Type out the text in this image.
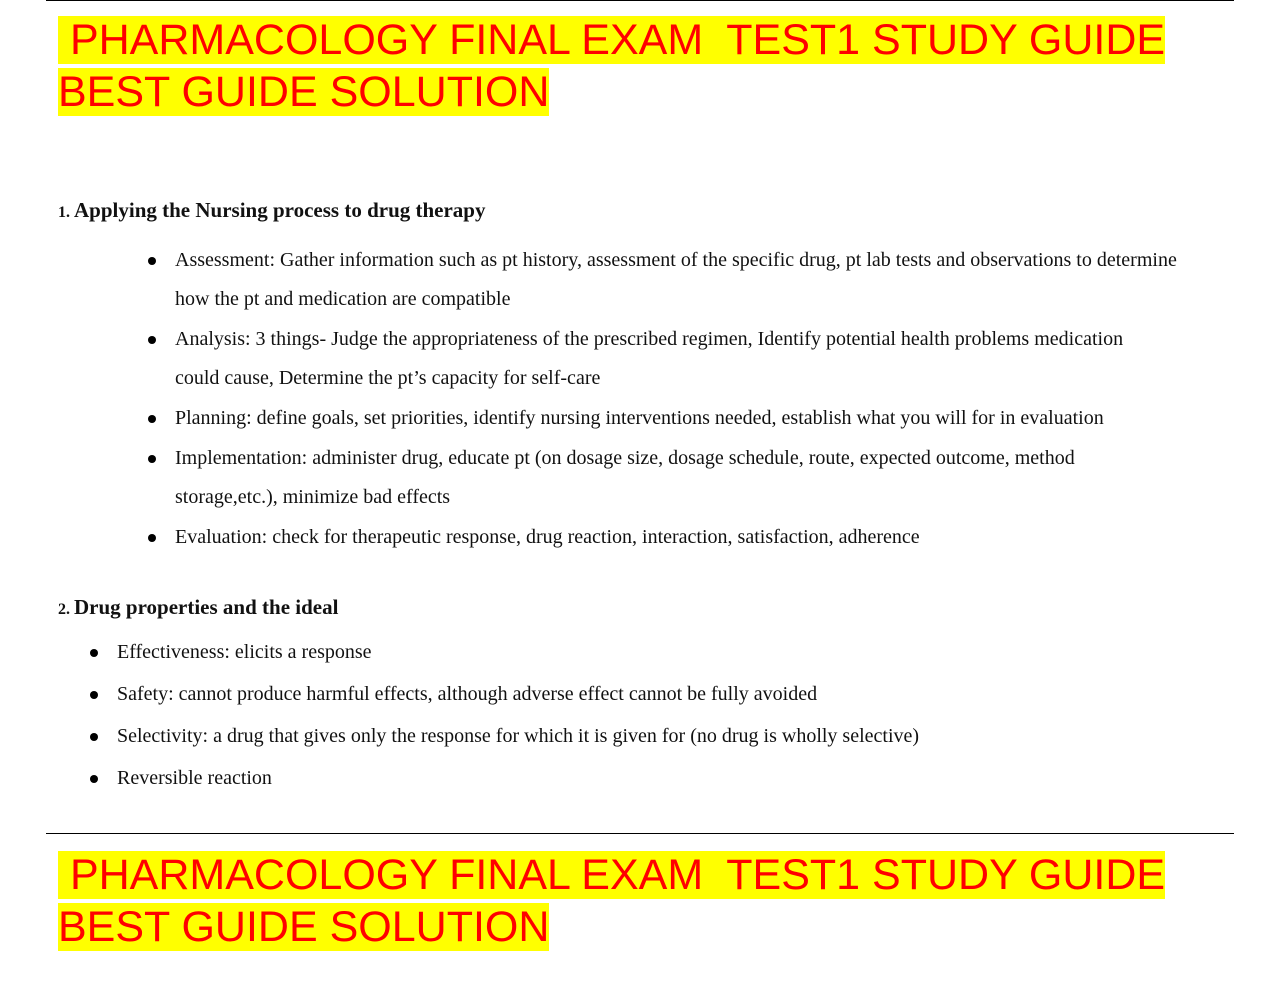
PHARMACOLOGY FINAL EXAM  TEST1 STUDY GUIDE
BEST GUIDE SOLUTION
1. Applying the Nursing process to drug therapy
Assessment: Gather information such as pt history, assessment of the specific drug, pt lab tests and observations to determine how the pt and medication are compatible
Analysis: 3 things- Judge the appropriateness of the prescribed regimen, Identify potential health problems medication could cause, Determine the pt’s capacity for self-care
Planning: define goals, set priorities, identify nursing interventions needed, establish what you will for in evaluation
Implementation: administer drug, educate pt (on dosage size, dosage schedule, route, expected outcome, method storage,etc.), minimize bad effects
Evaluation: check for therapeutic response, drug reaction, interaction, satisfaction, adherence
2. Drug properties and the ideal
Effectiveness: elicits a response
Safety: cannot produce harmful effects, although adverse effect cannot be fully avoided
Selectivity: a drug that gives only the response for which it is given for (no drug is wholly selective)
Reversible reaction
PHARMACOLOGY FINAL EXAM  TEST1 STUDY GUIDE
BEST GUIDE SOLUTION
